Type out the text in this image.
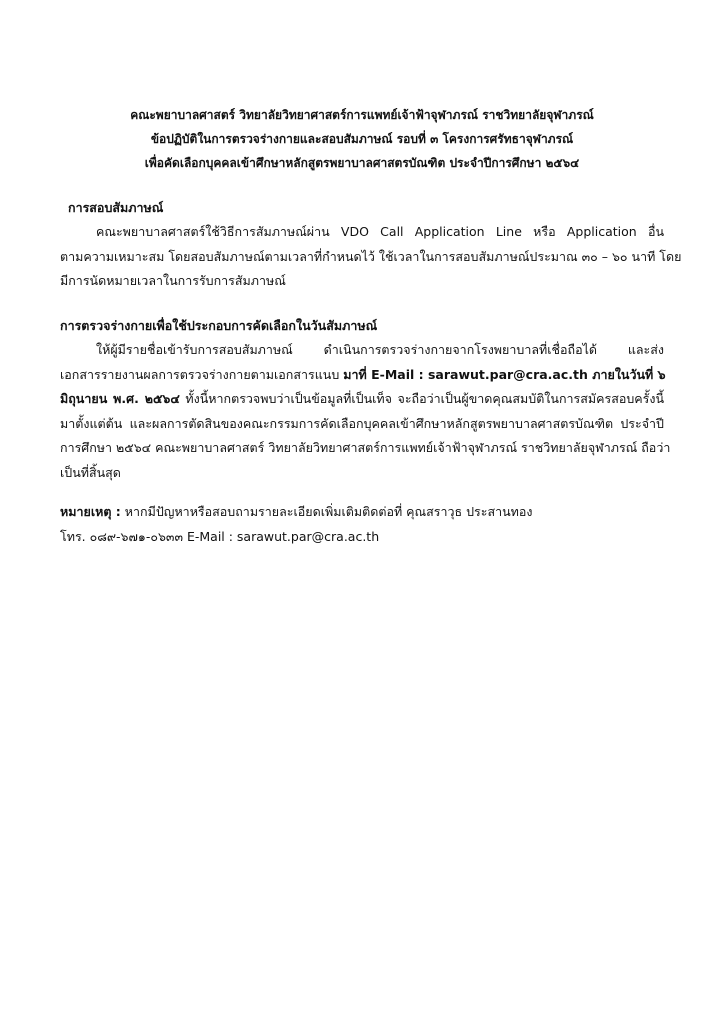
คณะพยาบาลศาสตร์ วิทยาลัยวิทยาศาสตร์การแพทย์เจ้าฟ้าจุฬาภรณ์ ราชวิทยาลัยจุฬาภรณ์
ข้อปฏิบัติในการตรวจร่างกายและสอบสัมภาษณ์ รอบที่ ๓ โครงการศรัทธาจุฬาภรณ์
เพื่อคัดเลือกบุคคลเข้าศึกษาหลักสูตรพยาบาลศาสตรบัณฑิต ประจำปีการศึกษา ๒๕๖๔
การสอบสัมภาษณ์
คณะพยาบาลศาสตร์ใช้วิธีการสัมภาษณ์ผ่าน VDO Call Application Line หรือ Application อื่น
ตามความเหมาะสม โดยสอบสัมภาษณ์ตามเวลาที่กำหนดไว้ ใช้เวลาในการสอบสัมภาษณ์ประมาณ ๓๐ – ๖๐ นาที โดย
มีการนัดหมายเวลาในการรับการสัมภาษณ์
การตรวจร่างกายเพื่อใช้ประกอบการคัดเลือกในวันสัมภาษณ์
ให้ผู้มีรายชื่อเข้ารับการสอบสัมภาษณ์ ดำเนินการตรวจร่างกายจากโรงพยาบาลที่เชื่อถือได้ และส่ง
เอกสารรายงานผลการตรวจร่างกายตามเอกสารแนบ มาที่ E-Mail : sarawut.par@cra.ac.th ภายในวันที่ ๖
มิถุนายน พ.ศ. ๒๕๖๔ ทั้งนี้หากตรวจพบว่าเป็นข้อมูลที่เป็นเท็จ จะถือว่าเป็นผู้ขาดคุณสมบัติในการสมัครสอบครั้งนี้
มาตั้งแต่ต้น และผลการตัดสินของคณะกรรมการคัดเลือกบุคคลเข้าศึกษาหลักสูตรพยาบาลศาสตรบัณฑิต ประจำปี
การศึกษา ๒๕๖๔ คณะพยาบาลศาสตร์ วิทยาลัยวิทยาศาสตร์การแพทย์เจ้าฟ้าจุฬาภรณ์ ราชวิทยาลัยจุฬาภรณ์ ถือว่า
เป็นที่สิ้นสุด
หมายเหตุ : หากมีปัญหาหรือสอบถามรายละเอียดเพิ่มเติมติดต่อที่ คุณสราวุธ ประสานทอง
โทร. ๐๘๙-๖๗๑-๐๖๓๓ E-Mail : sarawut.par@cra.ac.th
